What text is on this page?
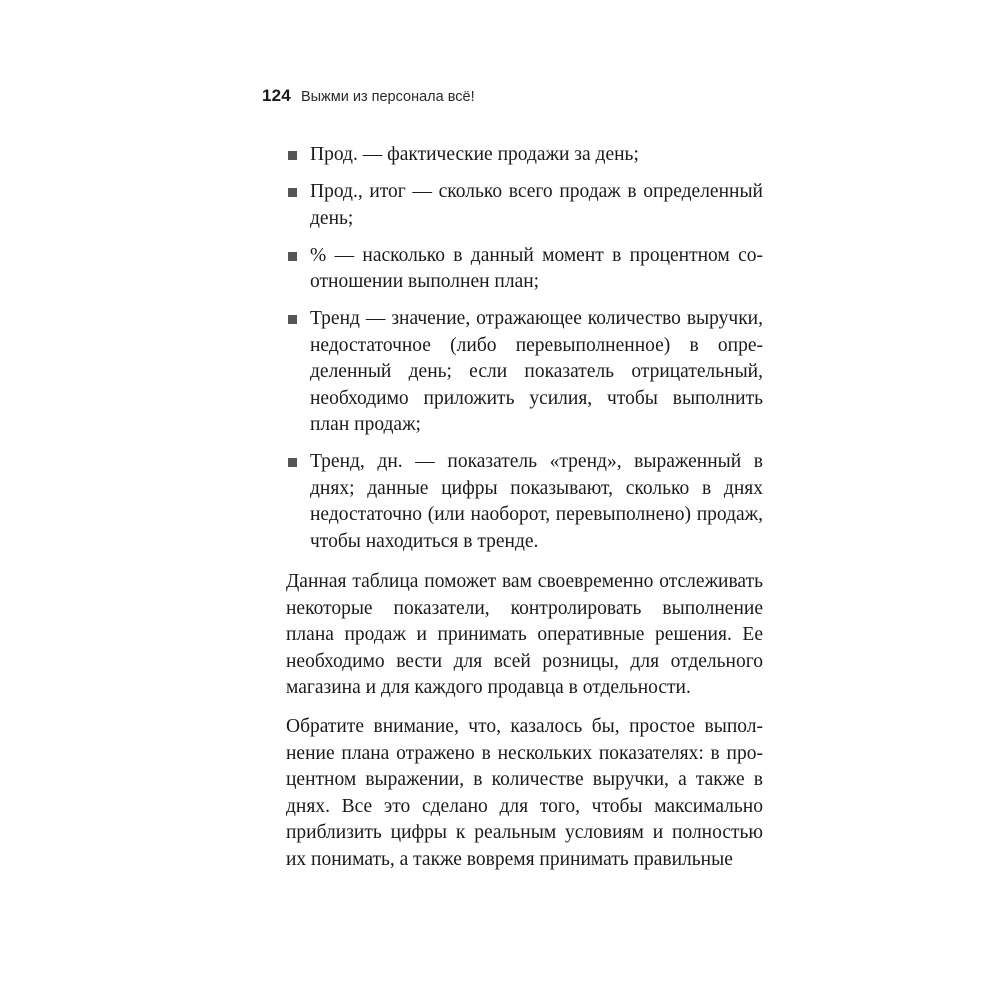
124 Выжми из персонала всё!
Прод. — фактические продажи за день;
Прод., итог — сколько всего продаж в определенный день;
% — насколько в данный момент в процентном соотношении выполнен план;
Тренд — значение, отражающее количество выручки, недостаточное (либо перевыполненное) в определенный день; если показатель отрицательный, необходимо приложить усилия, чтобы выполнить план продаж;
Тренд, дн. — показатель «тренд», выраженный в днях; данные цифры показывают, сколько в днях недостаточно (или наоборот, перевыполнено) продаж, чтобы находиться в тренде.

Данная таблица поможет вам своевременно отслеживать некоторые показатели, контролировать выполнение плана продаж и принимать оперативные решения. Ее необходимо вести для всей розницы, для отдельного магазина и для каждого продавца в отдельности.

Обратите внимание, что, казалось бы, простое выполнение плана отражено в нескольких показателях: в процентном выражении, в количестве выручки, а также в днях. Все это сделано для того, чтобы максимально приблизить цифры к реальным условиям и полностью их понимать, а также вовремя принимать правильные
